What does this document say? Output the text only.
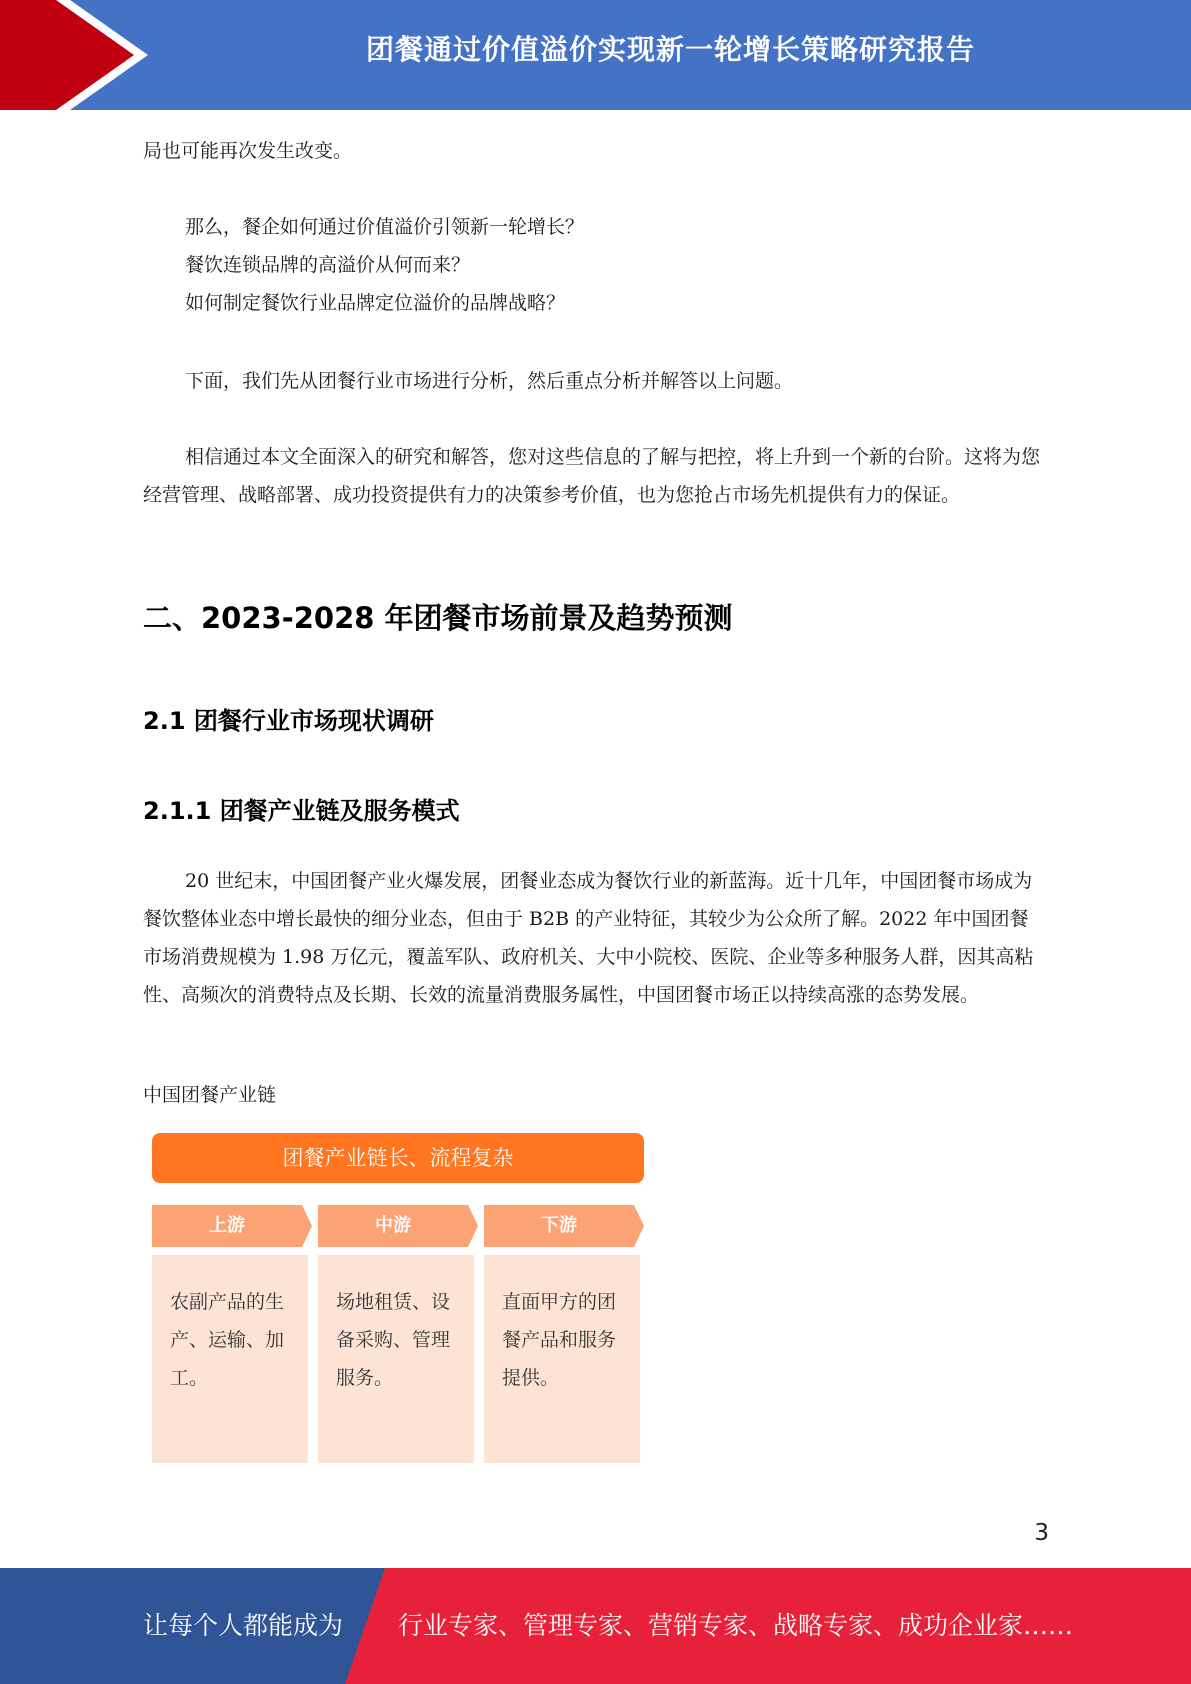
团餐通过价值溢价实现新一轮增长策略研究报告

局也可能再次发生改变。

那么，餐企如何通过价值溢价引领新一轮增长？

餐饮连锁品牌的高溢价从何而来？

如何制定餐饮行业品牌定位溢价的品牌战略？

下面，我们先从团餐行业市场进行分析，然后重点分析并解答以上问题。

相信通过本文全面深入的研究和解答，您对这些信息的了解与把控，将上升到一个新的台阶。这将为您经营管理、战略部署、成功投资提供有力的决策参考价值，也为您抢占市场先机提供有力的保证。

二、2023-2028 年团餐市场前景及趋势预测
2.1 团餐行业市场现状调研
2.1.1 团餐产业链及服务模式

20 世纪末，中国团餐产业火爆发展，团餐业态成为餐饮行业的新蓝海。近十几年，中国团餐市场成为餐饮整体业态中增长最快的细分业态，但由于 B2B 的产业特征，其较少为公众所了解。2022 年中国团餐市场消费规模为 1.98 万亿元，覆盖军队、政府机关、大中小院校、医院、企业等多种服务人群，因其高粘性、高频次的消费特点及长期、长效的流量消费服务属性，中国团餐市场正以持续高涨的态势发展。

中国团餐产业链
团餐产业链长、流程复杂
上游	中游	下游
农副产品的生产、运输、加工。
场地租赁、设备采购、管理服务。
直面甲方的团餐产品和服务提供。
3
让每个人都能成为 行业专家、管理专家、营销专家、战略专家、成功企业家……
